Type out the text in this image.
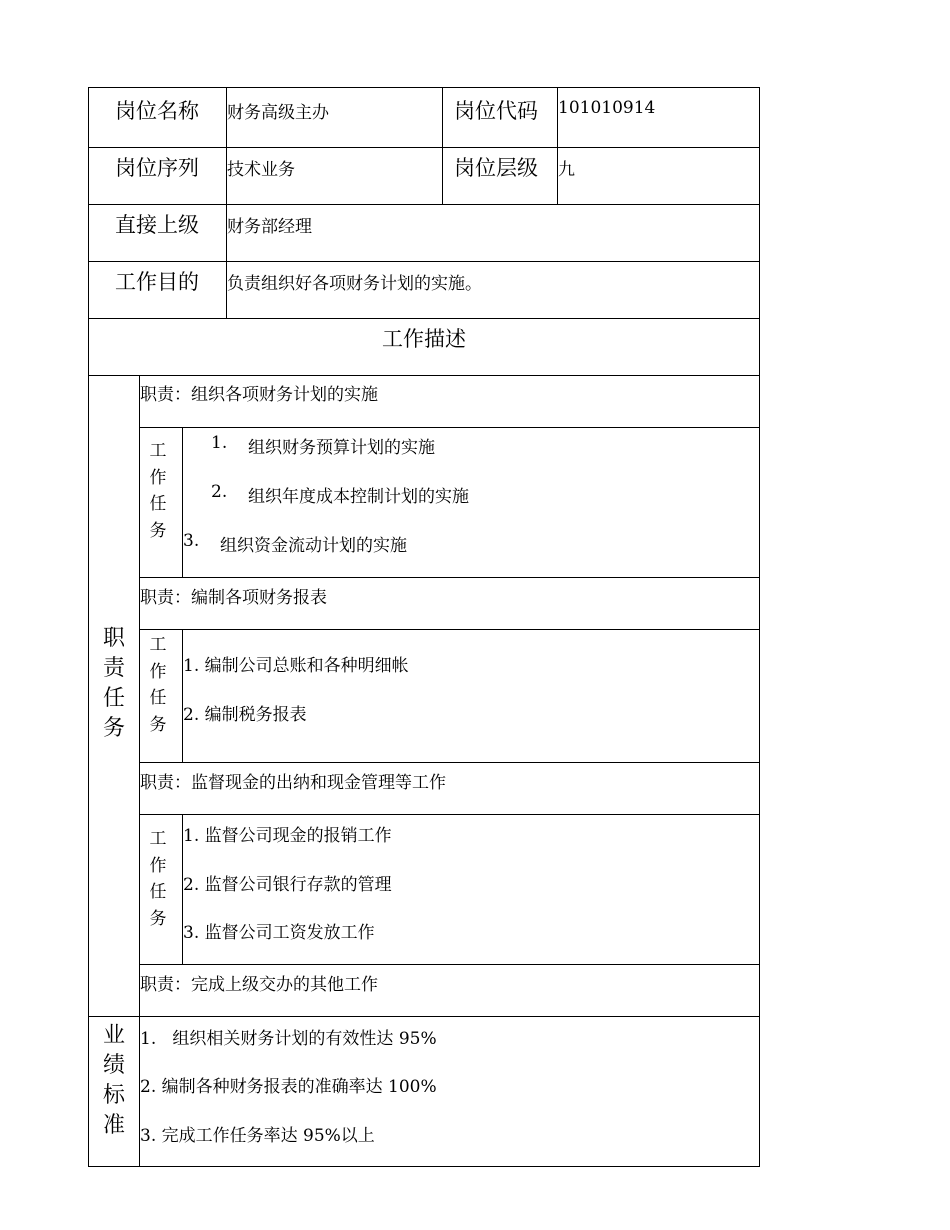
岗位名称 财务高级主办	岗位代码 101010914
岗位序列 技术业务	岗位层级 九
直接上级 财务部经理
工作目的 负责组织好各项财务计划的实施。
工作描述
职责任务
业绩标准
职责：组织各项财务计划的实施
工作任务
1. 组织财务预算计划的实施
2. 组织年度成本控制计划的实施
3. 组织资金流动计划的实施
职责：编制各项财务报表
工作任务
1. 编制公司总账和各种明细帐
2. 编制税务报表
职责：监督现金的出纳和现金管理等工作
工作任务
1. 监督公司现金的报销工作
2. 监督公司银行存款的管理
3. 监督公司工资发放工作
职责：完成上级交办的其他工作
1.   组织相关财务计划的有效性达 95%
2. 编制各种财务报表的准确率达 100%
3. 完成工作任务率达 95%以上
